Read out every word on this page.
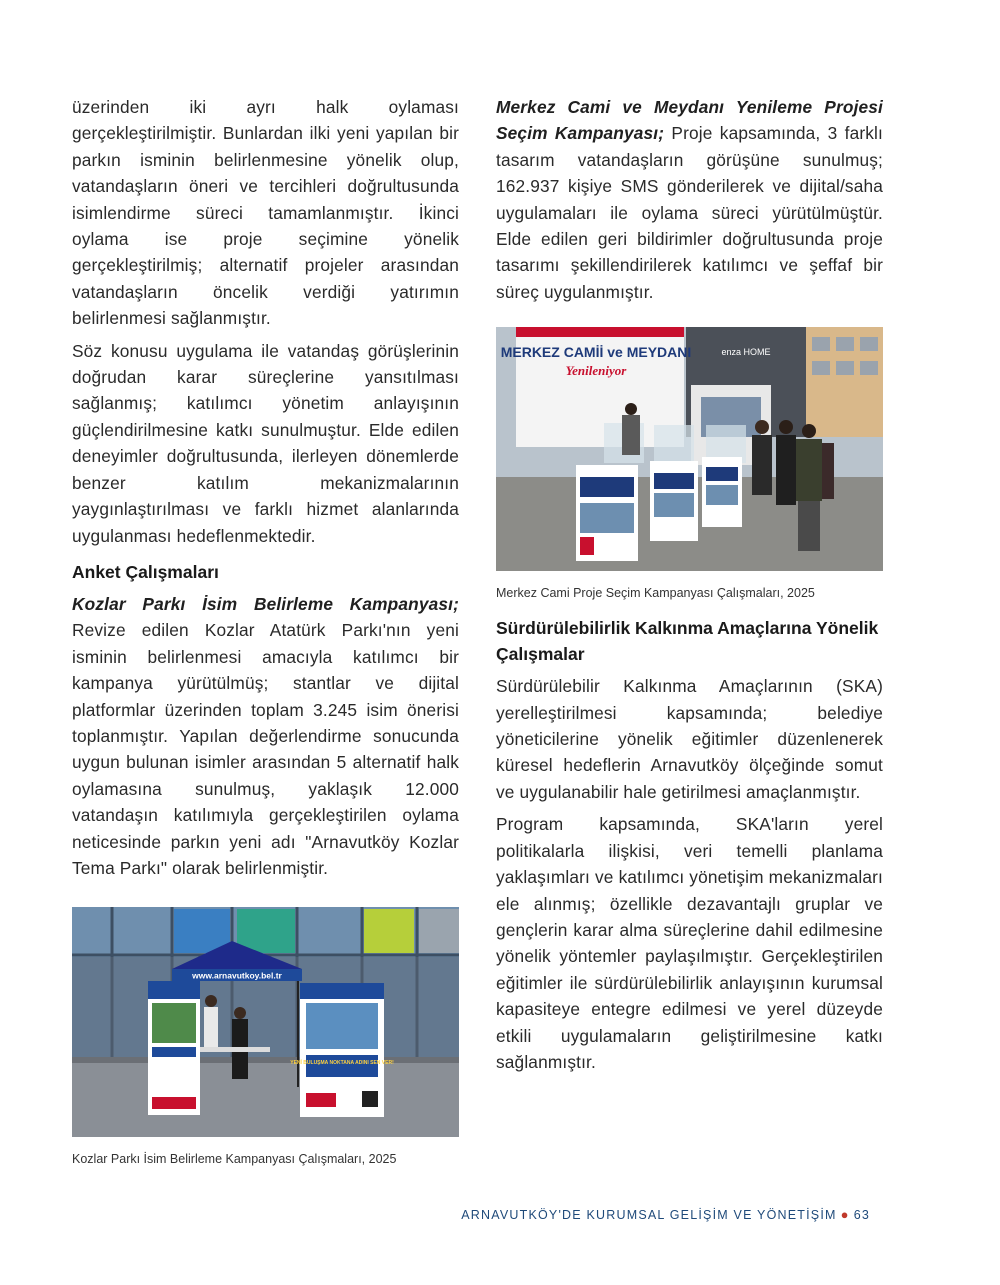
üzerinden iki ayrı halk oylaması gerçekleştirilmiştir. Bunlardan ilki yeni yapılan bir parkın isminin belirlenmesine yönelik olup, vatandaşların öneri ve tercihleri doğrultusunda isimlendirme süreci tamamlanmıştır. İkinci oylama ise proje seçimine yönelik gerçekleştirilmiş; alternatif projeler arasından vatandaşların öncelik verdiği yatırımın belirlenmesi sağlanmıştır.

Söz konusu uygulama ile vatandaş görüşlerinin doğrudan karar süreçlerine yansıtılması sağlanmış; katılımcı yönetim anlayışının güçlendirilmesine katkı sunulmuştur. Elde edilen deneyimler doğrultusunda, ilerleyen dönemlerde benzer katılım mekanizmalarının yaygınlaştırılması ve farklı hizmet alanlarında uygulanması hedeflenmektedir.

Anket Çalışmaları

Kozlar Parkı İsim Belirleme Kampanyası; Revize edilen Kozlar Atatürk Parkı'nın yeni isminin belirlenmesi amacıyla katılımcı bir kampanya yürütülmüş; stantlar ve dijital platformlar üzerinden toplam 3.245 isim önerisi toplanmıştır. Yapılan değerlendirme sonucunda uygun bulunan isimler arasından 5 alternatif halk oylamasına sunulmuş, yaklaşık 12.000 vatandaşın katılımıyla gerçekleştirilen oylama neticesinde parkın yeni adı "Arnavutköy Kozlar Tema Parkı" olarak belirlenmiştir.

www.arnavutkoy.bel.tr
YENİ BULUŞMA NOKTANA ADINI SEN VER!
Kozlar Parkı İsim Belirleme Kampanyası Çalışmaları, 2025

Merkez Cami ve Meydanı Yenileme Projesi Seçim Kampanyası; Proje kapsamında, 3 farklı tasarım vatandaşların görüşüne sunulmuş; 162.937 kişiye SMS gönderilerek ve dijital/saha uygulamaları ile oylama süreci yürütülmüştür. Elde edilen geri bildirimler doğrultusunda proje tasarımı şekillendirilerek katılımcı ve şeffaf bir süreç uygulanmıştır.

enza HOME
MERKEZ CAMİİ ve MEYDANI
Yenileniyor
Merkez Cami Proje Seçim Kampanyası Çalışmaları, 2025
Sürdürülebilirlik Kalkınma Amaçlarına Yönelik Çalışmalar

Sürdürülebilir Kalkınma Amaçlarının (SKA) yerelleştirilmesi kapsamında; belediye yöneticilerine yönelik eğitimler düzenlenerek küresel hedeflerin Arnavutköy ölçeğinde somut ve uygulanabilir hale getirilmesi amaçlanmıştır.

Program kapsamında, SKA'ların yerel politikalarla ilişkisi, veri temelli planlama yaklaşımları ve katılımcı yönetişim mekanizmaları ele alınmış; özellikle dezavantajlı gruplar ve gençlerin karar alma süreçlerine dahil edilmesine yönelik yöntemler paylaşılmıştır. Gerçekleştirilen eğitimler ile sürdürülebilirlik anlayışının kurumsal kapasiteye entegre edilmesi ve yerel düzeyde etkili uygulamaların geliştirilmesine katkı sağlanmıştır.

ARNAVUTKÖY'DE KURUMSAL GELİŞİM VE YÖNETİŞİM ● 63
